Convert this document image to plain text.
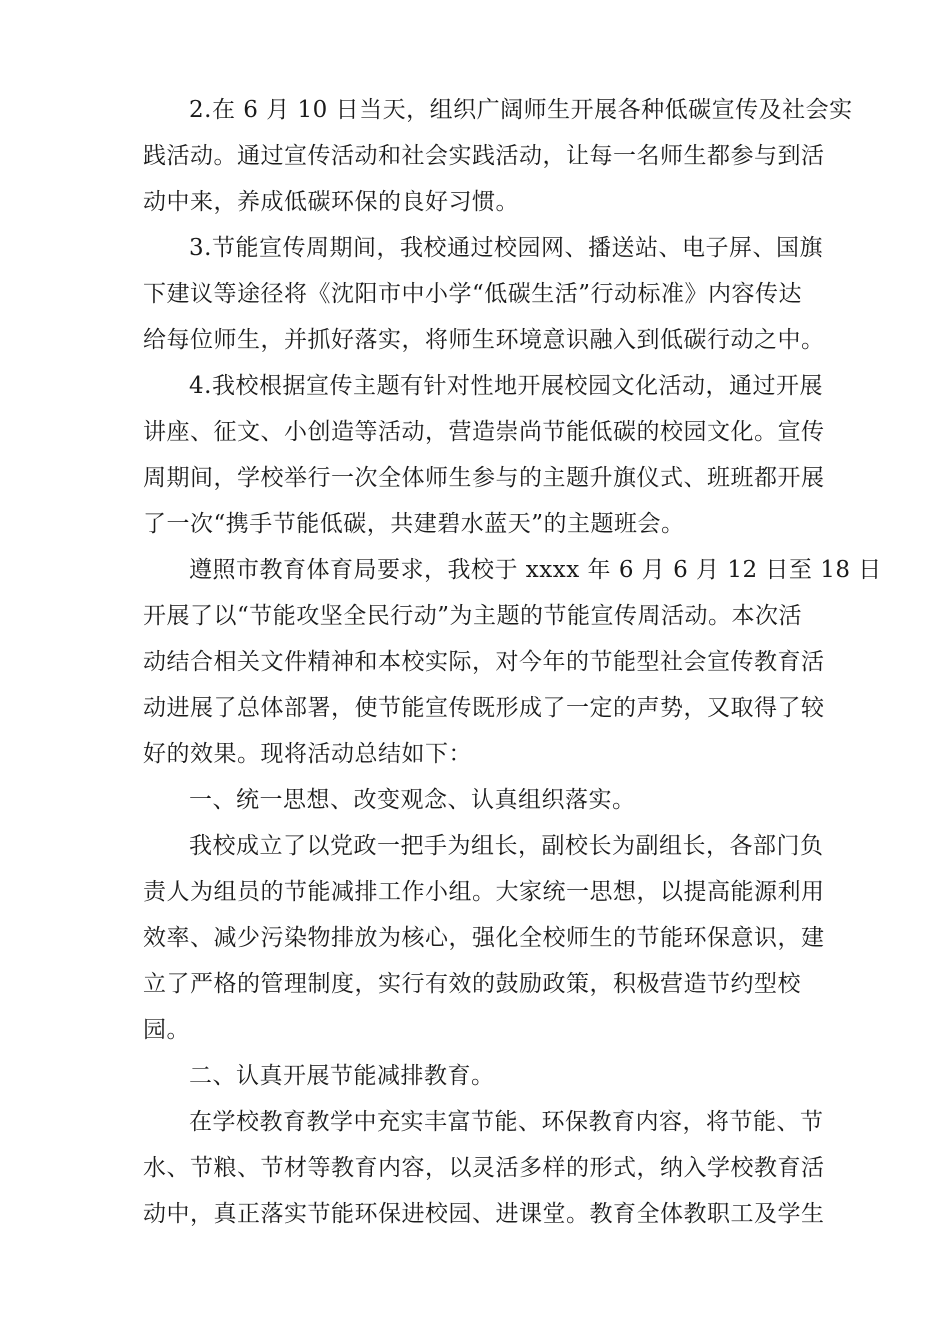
2.在 6 月 10 日当天，组织广阔师生开展各种低碳宣传及社会实
践活动。通过宣传活动和社会实践活动，让每一名师生都参与到活
动中来，养成低碳环保的良好习惯。
3.节能宣传周期间，我校通过校园网、播送站、电子屏、国旗
下建议等途径将《沈阳市中小学“低碳生活”行动标准》内容传达
给每位师生，并抓好落实，将师生环境意识融入到低碳行动之中。
4.我校根据宣传主题有针对性地开展校园文化活动，通过开展
讲座、征文、小创造等活动，营造崇尚节能低碳的校园文化。宣传
周期间，学校举行一次全体师生参与的主题升旗仪式、班班都开展
了一次“携手节能低碳，共建碧水蓝天”的主题班会。
遵照市教育体育局要求，我校于 xxxx 年 6 月 6 月 12 日至 18 日
开展了以“节能攻坚全民行动”为主题的节能宣传周活动。本次活
动结合相关文件精神和本校实际，对今年的节能型社会宣传教育活
动进展了总体部署，使节能宣传既形成了一定的声势，又取得了较
好的效果。现将活动总结如下：
一、统一思想、改变观念、认真组织落实。
我校成立了以党政一把手为组长，副校长为副组长，各部门负
责人为组员的节能减排工作小组。大家统一思想，以提高能源利用
效率、减少污染物排放为核心，强化全校师生的节能环保意识，建
立了严格的管理制度，实行有效的鼓励政策，积极营造节约型校
园。
二、认真开展节能减排教育。
在学校教育教学中充实丰富节能、环保教育内容，将节能、节
水、节粮、节材等教育内容，以灵活多样的形式，纳入学校教育活
动中，真正落实节能环保进校园、进课堂。教育全体教职工及学生
